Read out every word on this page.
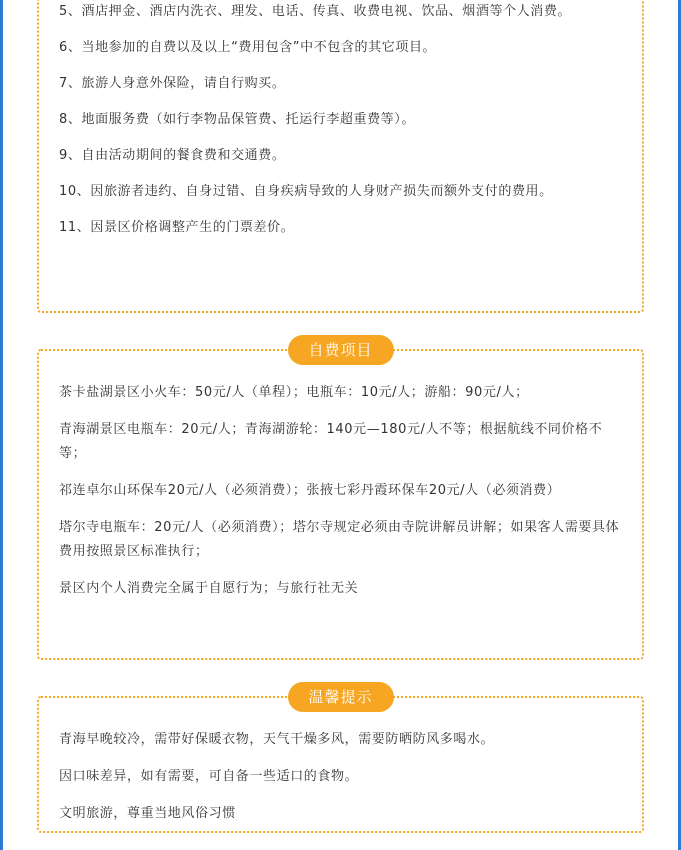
5、酒店押金、酒店内洗衣、理发、电话、传真、收费电视、饮品、烟酒等个人消费。

6、当地参加的自费以及以上“费用包含”中不包含的其它项目。

7、旅游人身意外保险，请自行购买。

8、地面服务费（如行李物品保管费、托运行李超重费等）。

9、自由活动期间的餐食费和交通费。

10、因旅游者违约、自身过错、自身疾病导致的人身财产损失而额外支付的费用。

11、因景区价格调整产生的门票差价。

自费项目

茶卡盐湖景区小火车：50元/人（单程）；电瓶车：10元/人；游船：90元/人；

青海湖景区电瓶车：20元/人；青海湖游轮：140元—180元/人不等；根据航线不同价格不等；

祁连卓尔山环保车20元/人（必须消费）；张掖七彩丹霞环保车20元/人（必须消费）

塔尔寺电瓶车：20元/人（必须消费）；塔尔寺规定必须由寺院讲解员讲解；如果客人需要具体费用按照景区标准执行；

景区内个人消费完全属于自愿行为；与旅行社无关

温馨提示

青海早晚较冷，需带好保暖衣物，天气干燥多风，需要防晒防风多喝水。

因口味差异，如有需要，可自备一些适口的食物。

文明旅游，尊重当地风俗习惯
